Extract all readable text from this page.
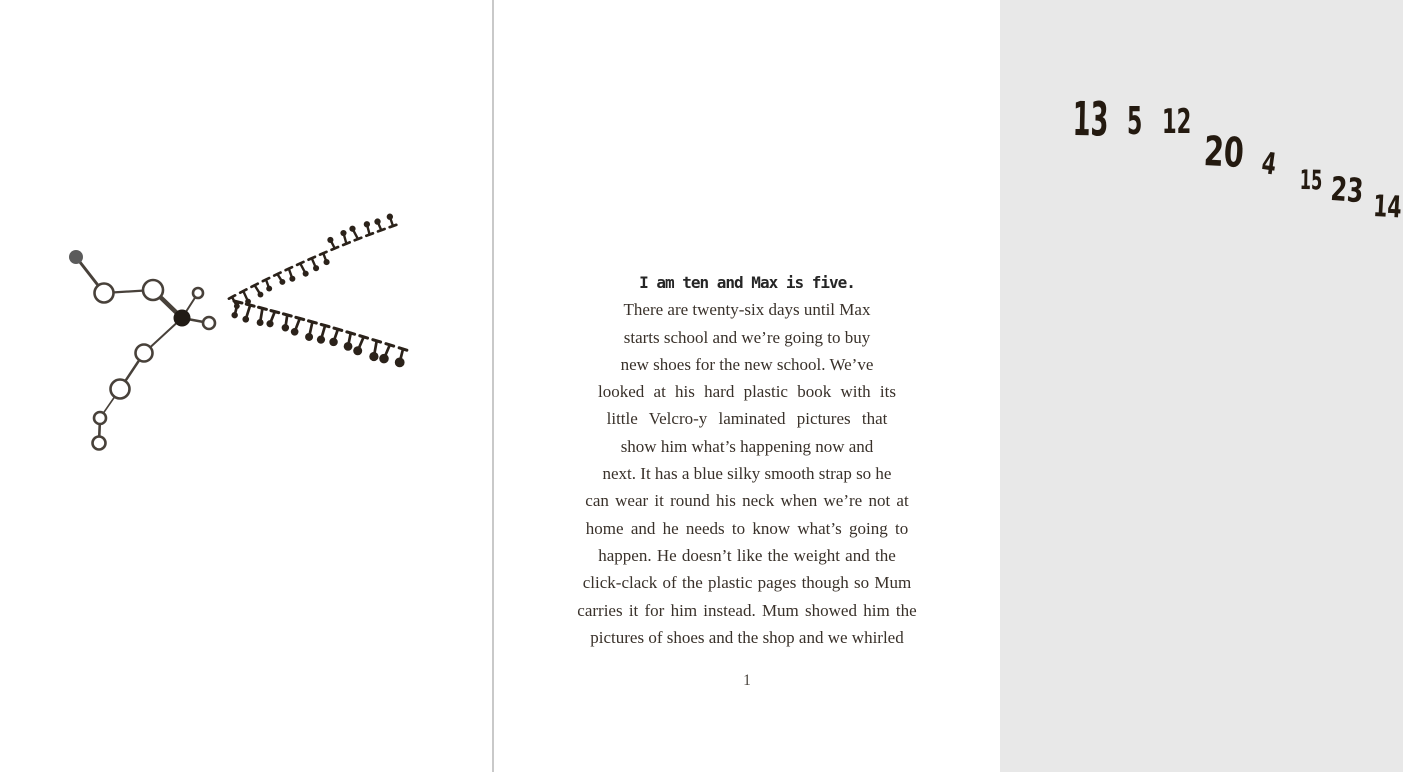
13 5 12
20 4 15 23 14
I am ten and Max is five.
There are twenty-six days until Max
starts school and we’re going to buy
new shoes for the new school. We’ve
looked at his hard plastic book with its
little Velcro-y laminated pictures that
show him what’s happening now and
next. It has a blue silky smooth strap so he
can wear it round his neck when we’re not at
home and he needs to know what’s going to
happen. He doesn’t like the weight and the
click-clack of the plastic pages though so Mum
carries it for him instead. Mum showed him the
pictures of shoes and the shop and we whirled
1
